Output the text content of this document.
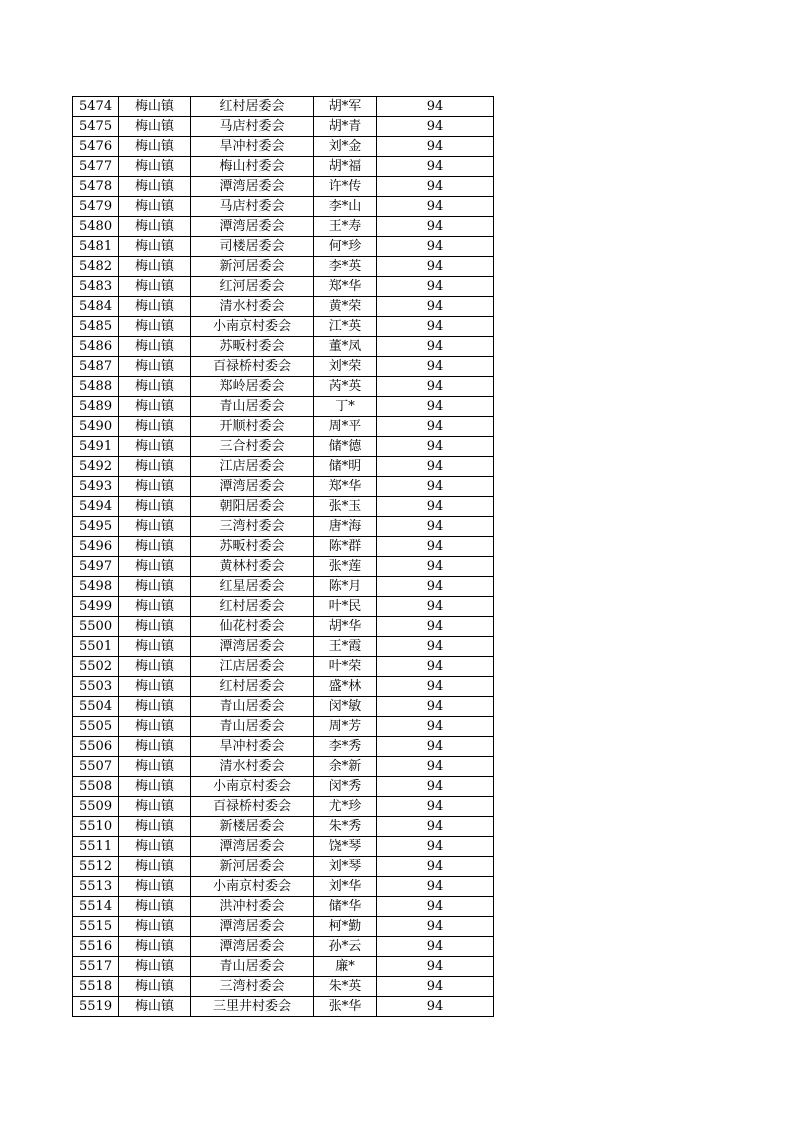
5474	梅山镇	红村居委会	胡*军	94
5475	梅山镇	马店村委会	胡*青	94
5476	梅山镇	旱冲村委会	刘*金	94
5477	梅山镇	梅山村委会	胡*福	94
5478	梅山镇	潭湾居委会	许*传	94
5479	梅山镇	马店村委会	李*山	94
5480	梅山镇	潭湾居委会	王*寿	94
5481	梅山镇	司楼居委会	何*珍	94
5482	梅山镇	新河居委会	李*英	94
5483	梅山镇	红河居委会	郑*华	94
5484	梅山镇	清水村委会	黄*荣	94
5485	梅山镇	小南京村委会	江*英	94
5486	梅山镇	苏畈村委会	董*凤	94
5487	梅山镇	百禄桥村委会	刘*荣	94
5488	梅山镇	郑岭居委会	芮*英	94
5489	梅山镇	青山居委会	丁*	94
5490	梅山镇	开顺村委会	周*平	94
5491	梅山镇	三合村委会	储*德	94
5492	梅山镇	江店居委会	储*明	94
5493	梅山镇	潭湾居委会	郑*华	94
5494	梅山镇	朝阳居委会	张*玉	94
5495	梅山镇	三湾村委会	唐*海	94
5496	梅山镇	苏畈村委会	陈*群	94
5497	梅山镇	黄林村委会	张*莲	94
5498	梅山镇	红星居委会	陈*月	94
5499	梅山镇	红村居委会	叶*民	94
5500	梅山镇	仙花村委会	胡*华	94
5501	梅山镇	潭湾居委会	王*霞	94
5502	梅山镇	江店居委会	叶*荣	94
5503	梅山镇	红村居委会	盛*林	94
5504	梅山镇	青山居委会	闵*敏	94
5505	梅山镇	青山居委会	周*芳	94
5506	梅山镇	旱冲村委会	李*秀	94
5507	梅山镇	清水村委会	余*新	94
5508	梅山镇	小南京村委会	闵*秀	94
5509	梅山镇	百禄桥村委会	尤*珍	94
5510	梅山镇	新楼居委会	朱*秀	94
5511	梅山镇	潭湾居委会	饶*琴	94
5512	梅山镇	新河居委会	刘*琴	94
5513	梅山镇	小南京村委会	刘*华	94
5514	梅山镇	洪冲村委会	储*华	94
5515	梅山镇	潭湾居委会	柯*勤	94
5516	梅山镇	潭湾居委会	孙*云	94
5517	梅山镇	青山居委会	廉*	94
5518	梅山镇	三湾村委会	朱*英	94
5519	梅山镇	三里井村委会	张*华	94
